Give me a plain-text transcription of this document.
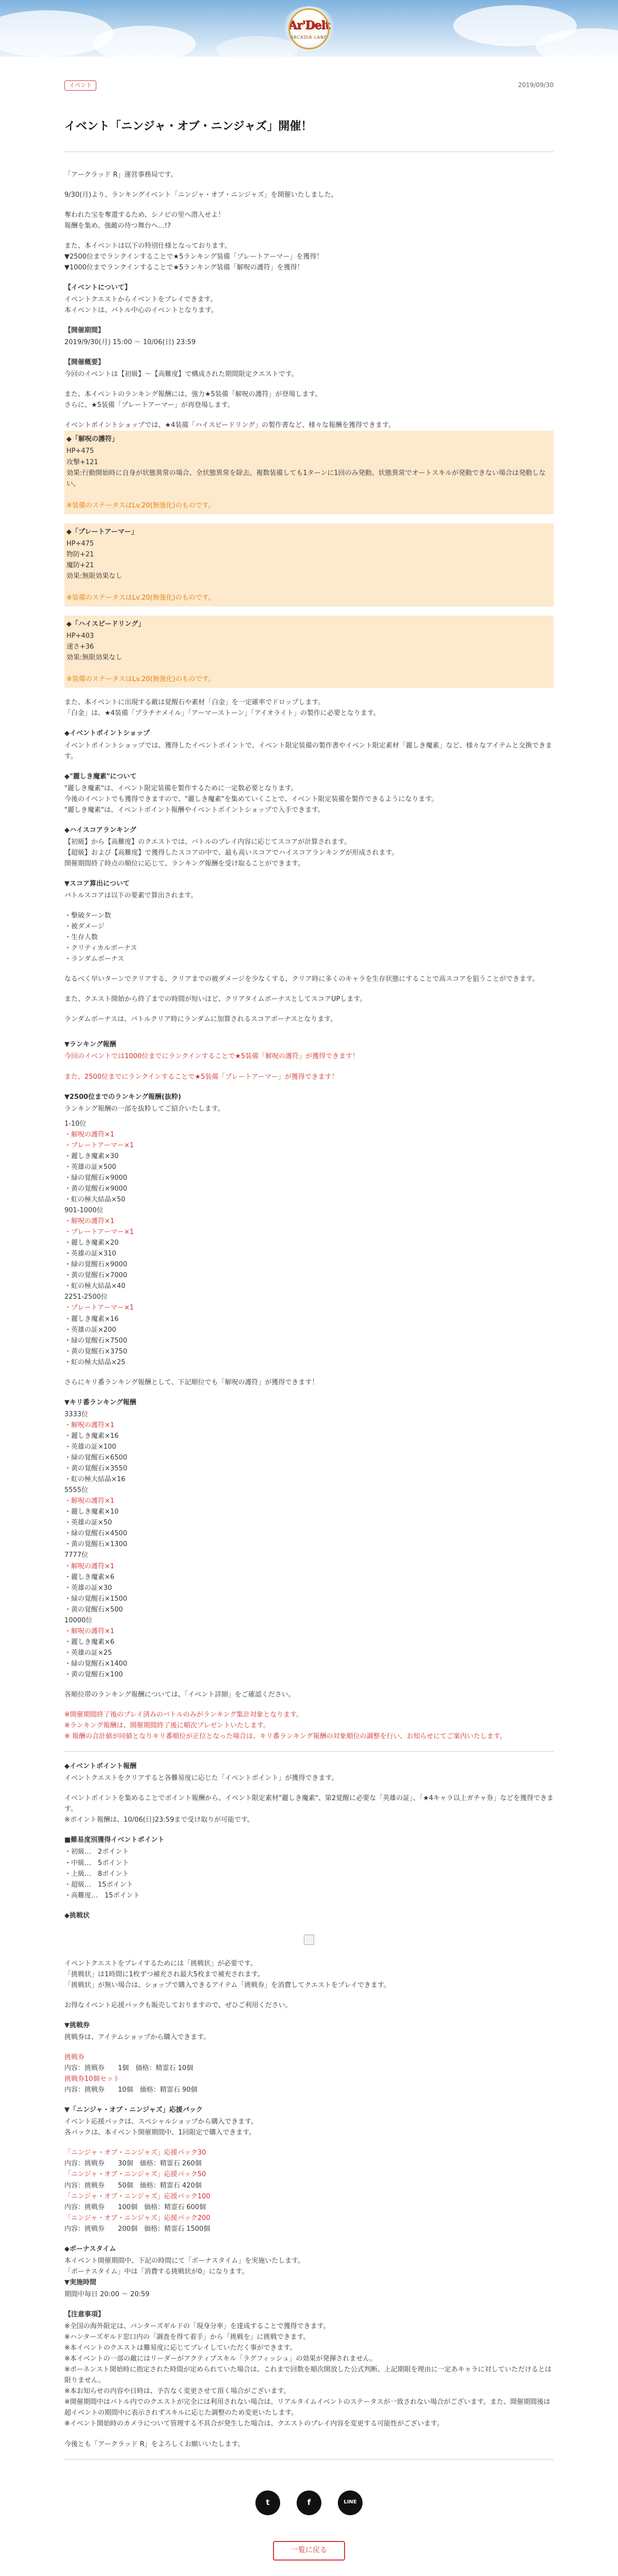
Ar'Delt
ARCADIA LAND
イベント	2019/09/30
イベント「ニンジャ・オブ・ニンジャズ」開催！
「アークラッド R」運営事務局です。
9/30(月)より、ランキングイベント「ニンジャ・オブ・ニンジャズ」を開催いたしました。
奪われた宝を奪還するため、シノビの里へ潜入せよ！
報酬を集め、強敵の待つ舞台へ…!?
また、本イベントは以下の特別仕様となっております。
▼2500位までランクインすることで★5ランキング装備「プレートアーマー」を獲得！
▼1000位までランクインすることで★5ランキング装備「解呪の護符」を獲得！
【イベントについて】
イベントクエストからイベントをプレイできます。
本イベントは、バトル中心のイベントとなります。
【開催期間】
2019/9/30(月) 15:00 ～ 10/06(日) 23:59
【開催概要】
今回のイベントは【初級】～【高難度】で構成された期間限定クエストです。
また、本イベントのランキング報酬には、強力★5装備「解呪の護符」が登場します。
さらに、★5装備「プレートアーマー」が再登場します。
イベントポイントショップでは、★4装備「ハイスピードリング」の製作書など、様々な報酬を獲得できます。
◆「解呪の護符」
HP+475
攻撃+121
効果:行動開始時に自身が状態異常の場合、全状態異常を除去。複数装備しても1ターンに1回のみ発動。状態異常でオートスキルが発動できない場合は発動しない。

※装備のステータスはLv.20(無強化)のものです。
◆「プレートアーマー」
HP+475
物防+21
魔防+21
効果:無限効果なし

※装備のステータスはLv.20(無強化)のものです。
◆「ハイスピードリング」
HP+403
速さ+36
効果:無限効果なし

※装備のステータスはLv.20(無強化)のものです。
また、本イベントに出現する敵は覚醒石や素材「白金」を一定確率でドロップします。
「白金」は、★4装備「プラチナメイル」「アーマーストーン」「アイオライト」の製作に必要となります。
◆イベントポイントショップ
イベントポイントショップでは、獲得したイベントポイントで、イベント限定装備の製作書やイベント限定素材「麗しき魔素」など、様々なアイテムと交換できます。
◆"麗しき魔素"について
"麗しき魔素"は、イベント限定装備を製作するために一定数必要となります。
今後のイベントでも獲得できますので、"麗しき魔素"を集めていくことで、イベント限定装備を製作できるようになります。
"麗しき魔素"は、イベントポイント報酬やイベントポイントショップで入手できます。
◆ハイスコアランキング
【初級】から【高難度】のクエストでは、バトルのプレイ内容に応じてスコアが計算されます。
【超級】および【高難度】で獲得したスコアの中で、最も高いスコアでハイスコアランキングが形成されます。
開催期間終了時点の順位に応じて、ランキング報酬を受け取ることができます。
▼スコア算出について
バトルスコアは以下の要素で算出されます。
・撃破ターン数
・被ダメージ
・生存人数
・クリティカルボーナス
・ランダムボーナス
なるべく早いターンでクリアする、クリアまでの被ダメージを少なくする、クリア時に多くのキャラを生存状態にすることで高スコアを狙うことができます。
また、クエスト開始から終了までの時間が短いほど、クリアタイムボーナスとしてスコアUPします。
ランダムボーナスは、バトルクリア時にランダムに加算されるスコアボーナスとなります。
▼ランキング報酬
今回のイベントでは1000位までにランクインすることで★5装備「解呪の護符」が獲得できます！
また、2500位までにランクインすることで★5装備「プレートアーマー」が獲得できます！
▼2500位までのランキング報酬(抜粋)
ランキング報酬の一部を抜粋してご紹介いたします。
1-10位
・解呪の護符×1
・プレートアーマー×1
・麗しき魔素×30
・英雄の証×500
・緑の覚醒石×9000
・黄の覚醒石×9000
・虹の極大結晶×50
901-1000位
・解呪の護符×1
・プレートアーマー×1
・麗しき魔素×20
・英雄の証×310
・緑の覚醒石×9000
・黄の覚醒石×7000
・虹の極大結晶×40
2251-2500位
・プレートアーマー×1
・麗しき魔素×16
・英雄の証×200
・緑の覚醒石×7500
・黄の覚醒石×3750
・虹の極大結晶×25
さらにキリ番ランキング報酬として、下記順位でも「解呪の護符」が獲得できます！
▼キリ番ランキング報酬
3333位
・解呪の護符×1
・麗しき魔素×16
・英雄の証×100
・緑の覚醒石×6500
・黄の覚醒石×3550
・虹の極大結晶×16
5555位
・解呪の護符×1
・麗しき魔素×10
・英雄の証×50
・緑の覚醒石×4500
・黄の覚醒石×1300
7777位
・解呪の護符×1
・麗しき魔素×6
・英雄の証×30
・緑の覚醒石×1500
・黄の覚醒石×500
10000位
・解呪の護符×1
・麗しき魔素×6
・英雄の証×25
・緑の覚醒石×1400
・黄の覚醒石×100
各順位帯のランキング報酬については、「イベント詳細」をご確認ください。
※開催期間終了後のプレイ済みのバトルのみがランキング集計対象となります。
※ランキング報酬は、開催期間終了後に順次プレゼントいたします。
※ 報酬の合計値が同値となりキリ番順位が正位となった場合は、キリ番ランキング報酬の対象順位の調整を行い、お知らせにてご案内いたします。
◆イベントポイント報酬
イベントクエストをクリアすると各難易度に応じた「イベントポイント」が獲得できます。
イベントポイントを集めることでポイント報酬から、イベント限定素材"麗しき魔素"、第2覚醒に必要な「英雄の証」、「★4キャラ以上ガチャ券」などを獲得できます。
※ポイント報酬は、10/06(日)23:59まで受け取りが可能です。
■難易度別獲得イベントポイント
・初級…　2ポイント
・中級…　5ポイント
・上級…　8ポイント
・超級…　15ポイント
・高難度…　15ポイント
◆挑戦状
イベントクエストをプレイするためには「挑戦状」が必要です。
「挑戦状」は1時間に1枚ずつ補充され最大5枚まで補充されます。
「挑戦状」が無い場合は、ショップで購入できるアイテム「挑戦券」を消費してクエストをプレイできます。
お得なイベント応援パックも販売しておりますので、ぜひご利用ください。
▼挑戦券
挑戦券は、アイテムショップから購入できます。
挑戦券
内容：挑戦券　　1個　価格：精霊石 10個
挑戦券10個セット
内容：挑戦券　　10個　価格：精霊石 90個
▼「ニンジャ・オブ・ニンジャズ」応援パック
イベント応援パックは、スペシャルショップから購入できます。
各パックは、本イベント開催期間中、1回限定で購入できます。
「ニンジャ・オブ・ニンジャズ」応援パック30
内容：挑戦券　　30個　価格：精霊石 260個
「ニンジャ・オブ・ニンジャズ」応援パック50
内容：挑戦券　　50個　価格：精霊石 420個
「ニンジャ・オブ・ニンジャズ」応援パック100
内容：挑戦券　　100個　価格：精霊石 600個
「ニンジャ・オブ・ニンジャズ」応援パック200
内容：挑戦券　　200個　価格：精霊石 1500個
◆ボーナスタイム
本イベント開催期間中、下記の時間にて「ボーナスタイム」を実施いたします。
「ボーナスタイム」中は「消費する挑戦状が0」になります。
▼実施時間
期間中毎日 20:00 ～ 20:59
【注意事項】
※全国の海外限定は、バンターズギルドの「現身分率」を達成することで獲得できます。
※ハンターズギルド窓口内の「調査を得て着手」から「挑戦を」に挑戦できます。
※本イベントのクエストは難易度に応じてプレイしていただく事ができます。
※本イベントの一部の敵にはリーダーがアクティブスキル「ラグフィッシュ」の効果が発揮されません。
※ポーネンスト開始時に指定された時間が定められていた場合は、これまで回数を順次開放した公式判断、上記期限を理由に一定あキャラに対していただけるとは限りません。
※本お知らせの内容や日時は、予告なく変更させて頂く場合がございます。
※開催期間中はバトル内でのクエストが完全には利用されない場合は、リアルタイムイベントのステータスが一致されない場合がございます。また、開催期間後は超イベントの期間中に表示されずスキルに応じた調整のため変更いたします。
※イベント開始時のカメラについて管理する不具合が発生した場合は、クエストのプレイ内容を変更する可能性がございます。
今後とも「アークラッド R」をよろしくお願いいたします。
t	f	LINE
一覧に戻る
